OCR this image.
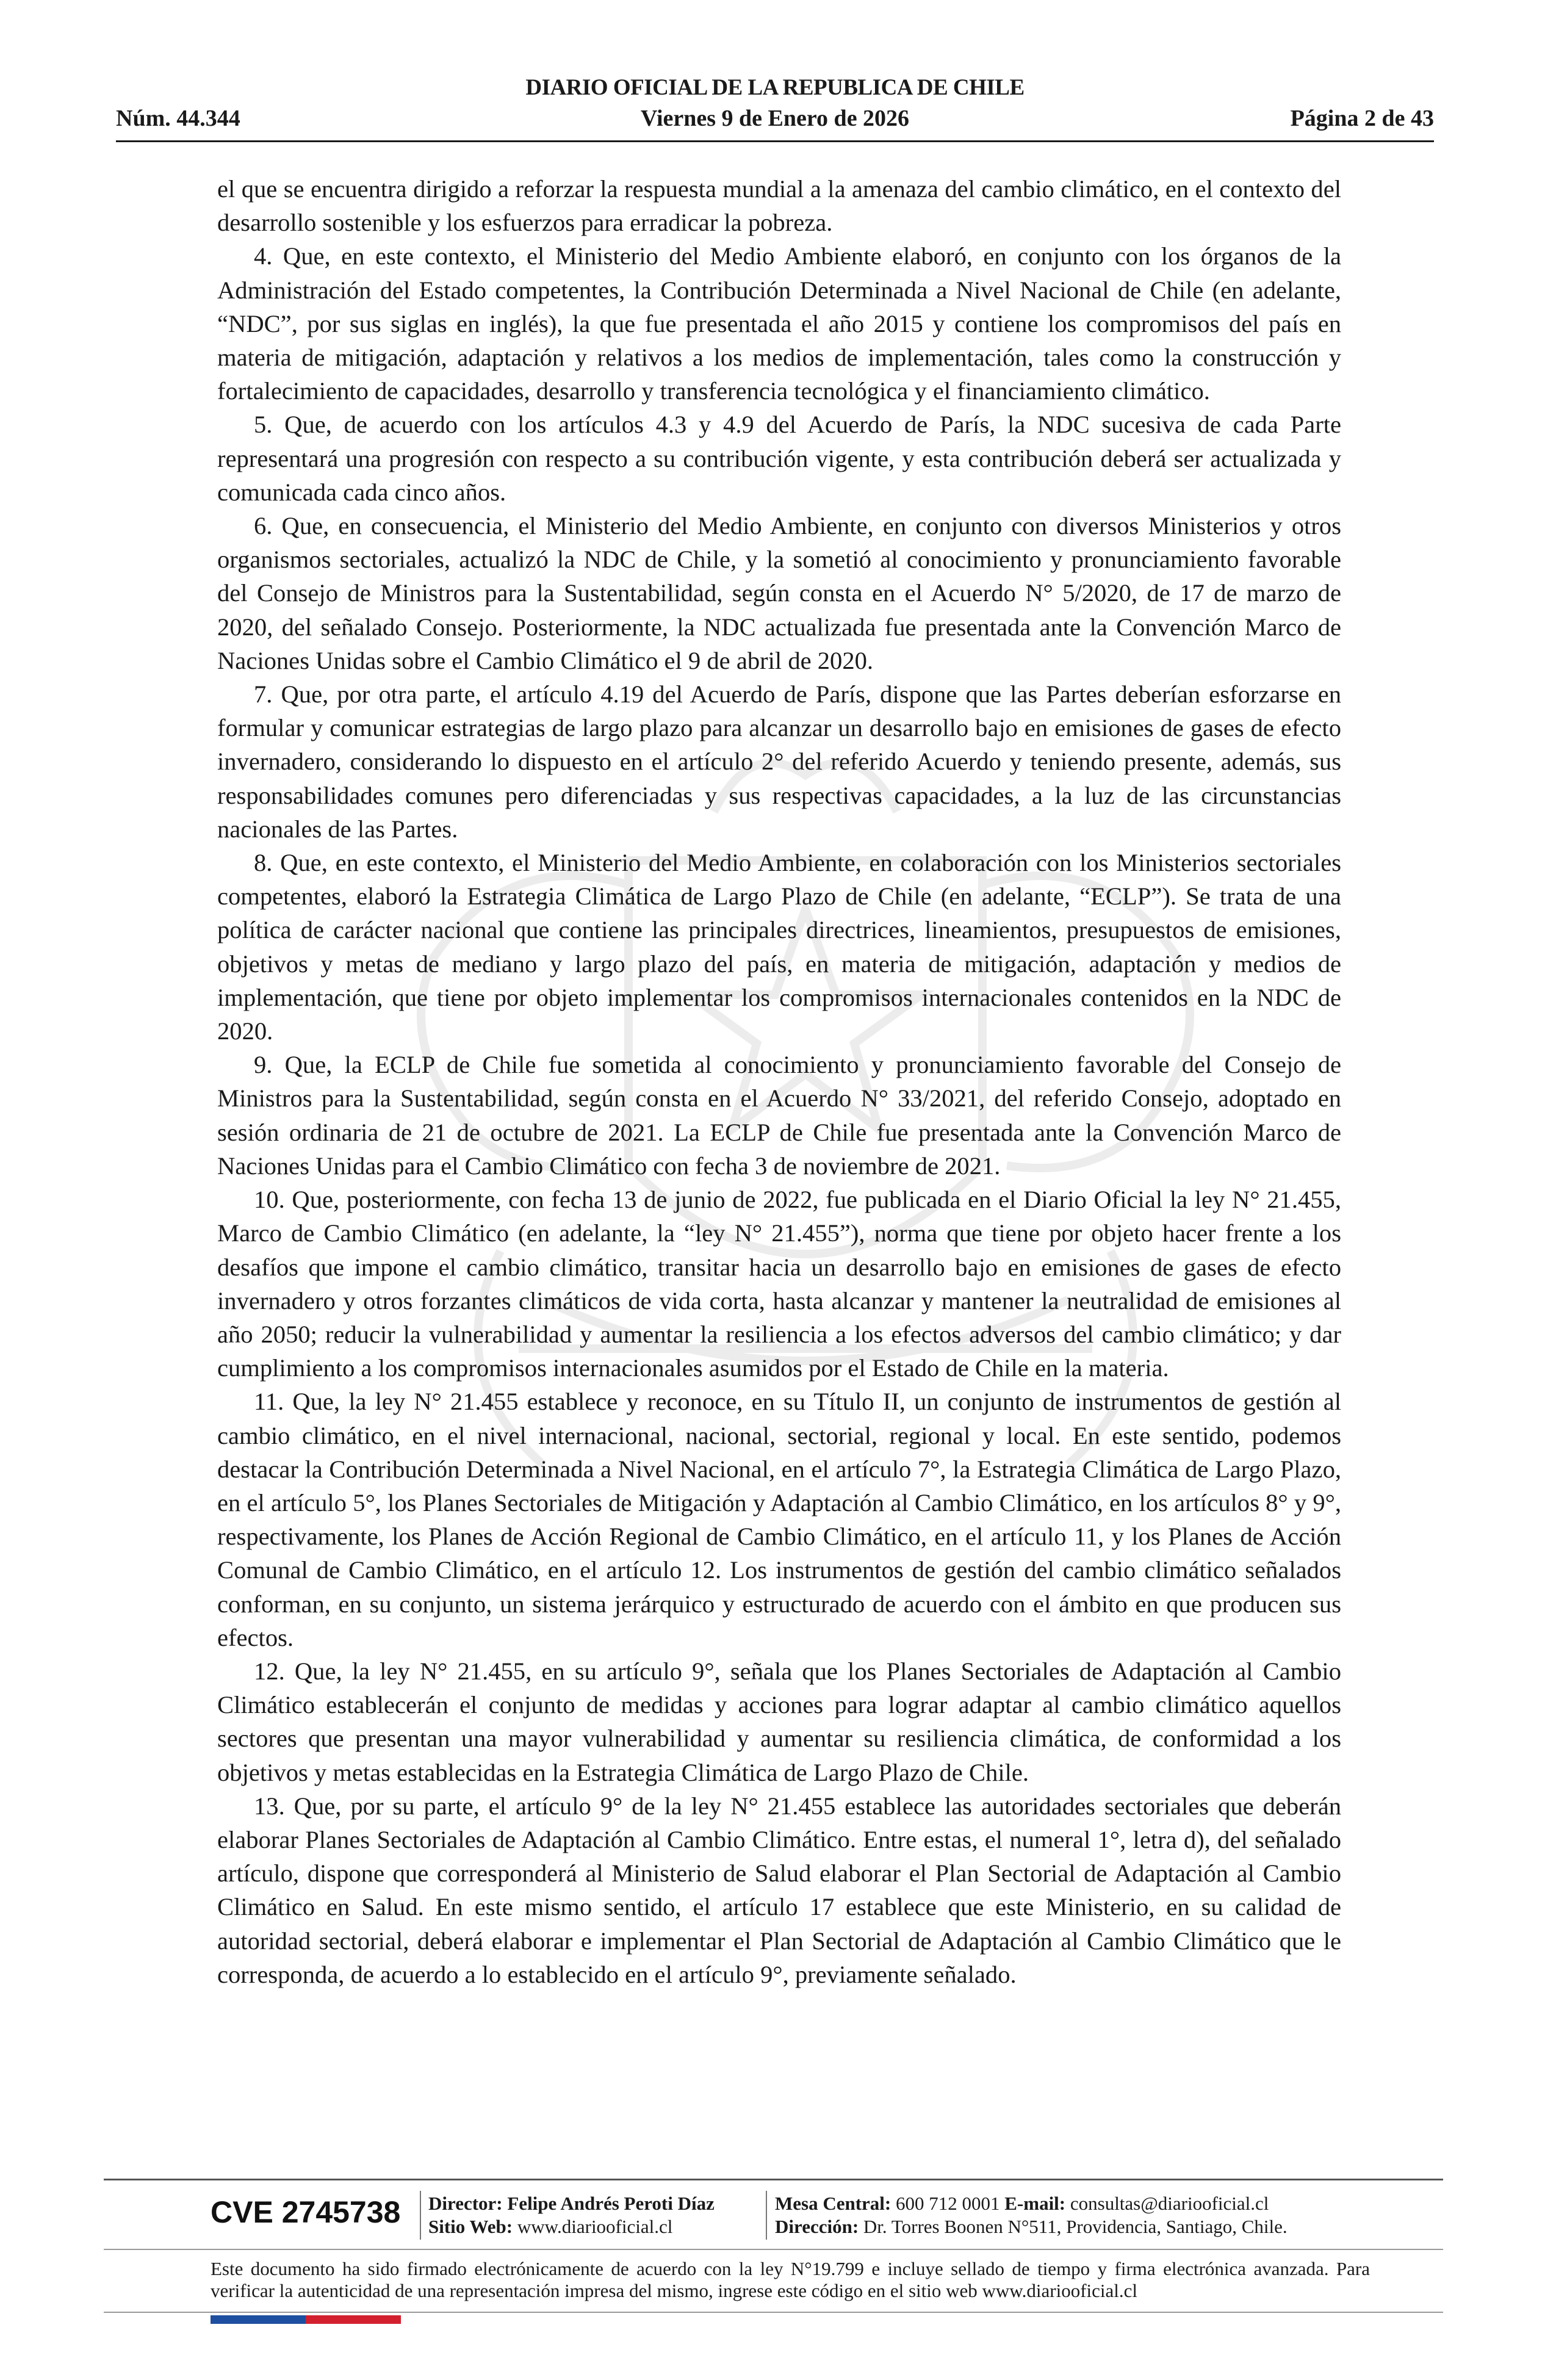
DIARIO OFICIAL DE LA REPUBLICA DE CHILE
Núm. 44.344	Viernes 9 de Enero de 2026	Página 2 de 43

el que se encuentra dirigido a reforzar la respuesta mundial a la amenaza del cambio climático, en el contexto del desarrollo sostenible y los esfuerzos para erradicar la pobreza.

4. Que, en este contexto, el Ministerio del Medio Ambiente elaboró, en conjunto con los órganos de la Administración del Estado competentes, la Contribución Determinada a Nivel Nacional de Chile (en adelante, “NDC”, por sus siglas en inglés), la que fue presentada el año 2015 y contiene los compromisos del país en materia de mitigación, adaptación y relativos a los medios de implementación, tales como la construcción y fortalecimiento de capacidades, desarrollo y transferencia tecnológica y el financiamiento climático.

5. Que, de acuerdo con los artículos 4.3 y 4.9 del Acuerdo de París, la NDC sucesiva de cada Parte representará una progresión con respecto a su contribución vigente, y esta contribución deberá ser actualizada y comunicada cada cinco años.

6. Que, en consecuencia, el Ministerio del Medio Ambiente, en conjunto con diversos Ministerios y otros organismos sectoriales, actualizó la NDC de Chile, y la sometió al conocimiento y pronunciamiento favorable del Consejo de Ministros para la Sustentabilidad, según consta en el Acuerdo N° 5/2020, de 17 de marzo de 2020, del señalado Consejo. Posteriormente, la NDC actualizada fue presentada ante la Convención Marco de Naciones Unidas sobre el Cambio Climático el 9 de abril de 2020.

7. Que, por otra parte, el artículo 4.19 del Acuerdo de París, dispone que las Partes deberían esforzarse en formular y comunicar estrategias de largo plazo para alcanzar un desarrollo bajo en emisiones de gases de efecto invernadero, considerando lo dispuesto en el artículo 2° del referido Acuerdo y teniendo presente, además, sus responsabilidades comunes pero diferenciadas y sus respectivas capacidades, a la luz de las circunstancias nacionales de las Partes.

8. Que, en este contexto, el Ministerio del Medio Ambiente, en colaboración con los Ministerios sectoriales competentes, elaboró la Estrategia Climática de Largo Plazo de Chile (en adelante, “ECLP”). Se trata de una política de carácter nacional que contiene las principales directrices, lineamientos, presupuestos de emisiones, objetivos y metas de mediano y largo plazo del país, en materia de mitigación, adaptación y medios de implementación, que tiene por objeto implementar los compromisos internacionales contenidos en la NDC de 2020.

9. Que, la ECLP de Chile fue sometida al conocimiento y pronunciamiento favorable del Consejo de Ministros para la Sustentabilidad, según consta en el Acuerdo N° 33/2021, del referido Consejo, adoptado en sesión ordinaria de 21 de octubre de 2021. La ECLP de Chile fue presentada ante la Convención Marco de Naciones Unidas para el Cambio Climático con fecha 3 de noviembre de 2021.

10. Que, posteriormente, con fecha 13 de junio de 2022, fue publicada en el Diario Oficial la ley N° 21.455, Marco de Cambio Climático (en adelante, la “ley N° 21.455”), norma que tiene por objeto hacer frente a los desafíos que impone el cambio climático, transitar hacia un desarrollo bajo en emisiones de gases de efecto invernadero y otros forzantes climáticos de vida corta, hasta alcanzar y mantener la neutralidad de emisiones al año 2050; reducir la vulnerabilidad y aumentar la resiliencia a los efectos adversos del cambio climático; y dar cumplimiento a los compromisos internacionales asumidos por el Estado de Chile en la materia.

11. Que, la ley N° 21.455 establece y reconoce, en su Título II, un conjunto de instrumentos de gestión al cambio climático, en el nivel internacional, nacional, sectorial, regional y local. En este sentido, podemos destacar la Contribución Determinada a Nivel Nacional, en el artículo 7°, la Estrategia Climática de Largo Plazo, en el artículo 5°, los Planes Sectoriales de Mitigación y Adaptación al Cambio Climático, en los artículos 8° y 9°, respectivamente, los Planes de Acción Regional de Cambio Climático, en el artículo 11, y los Planes de Acción Comunal de Cambio Climático, en el artículo 12. Los instrumentos de gestión del cambio climático señalados conforman, en su conjunto, un sistema jerárquico y estructurado de acuerdo con el ámbito en que producen sus efectos.

12. Que, la ley N° 21.455, en su artículo 9°, señala que los Planes Sectoriales de Adaptación al Cambio Climático establecerán el conjunto de medidas y acciones para lograr adaptar al cambio climático aquellos sectores que presentan una mayor vulnerabilidad y aumentar su resiliencia climática, de conformidad a los objetivos y metas establecidas en la Estrategia Climática de Largo Plazo de Chile.

13. Que, por su parte, el artículo 9° de la ley N° 21.455 establece las autoridades sectoriales que deberán elaborar Planes Sectoriales de Adaptación al Cambio Climático. Entre estas, el numeral 1°, letra d), del señalado artículo, dispone que corresponderá al Ministerio de Salud elaborar el Plan Sectorial de Adaptación al Cambio Climático en Salud. En este mismo sentido, el artículo 17 establece que este Ministerio, en su calidad de autoridad sectorial, deberá elaborar e implementar el Plan Sectorial de Adaptación al Cambio Climático que le corresponda, de acuerdo a lo establecido en el artículo 9°, previamente señalado.

CVE 2745738 Director: Felipe Andrés Peroti Díaz
Sitio Web: www.diariooficial.cl
Mesa Central: 600 712 0001 E-mail: consultas@diariooficial.cl
Dirección: Dr. Torres Boonen N°511, Providencia, Santiago, Chile.
Este documento ha sido firmado electrónicamente de acuerdo con la ley N°19.799 e incluye sellado de tiempo y firma electrónica avanzada. Para verificar la autenticidad de una representación impresa del mismo, ingrese este código en el sitio web www.diariooficial.cl
